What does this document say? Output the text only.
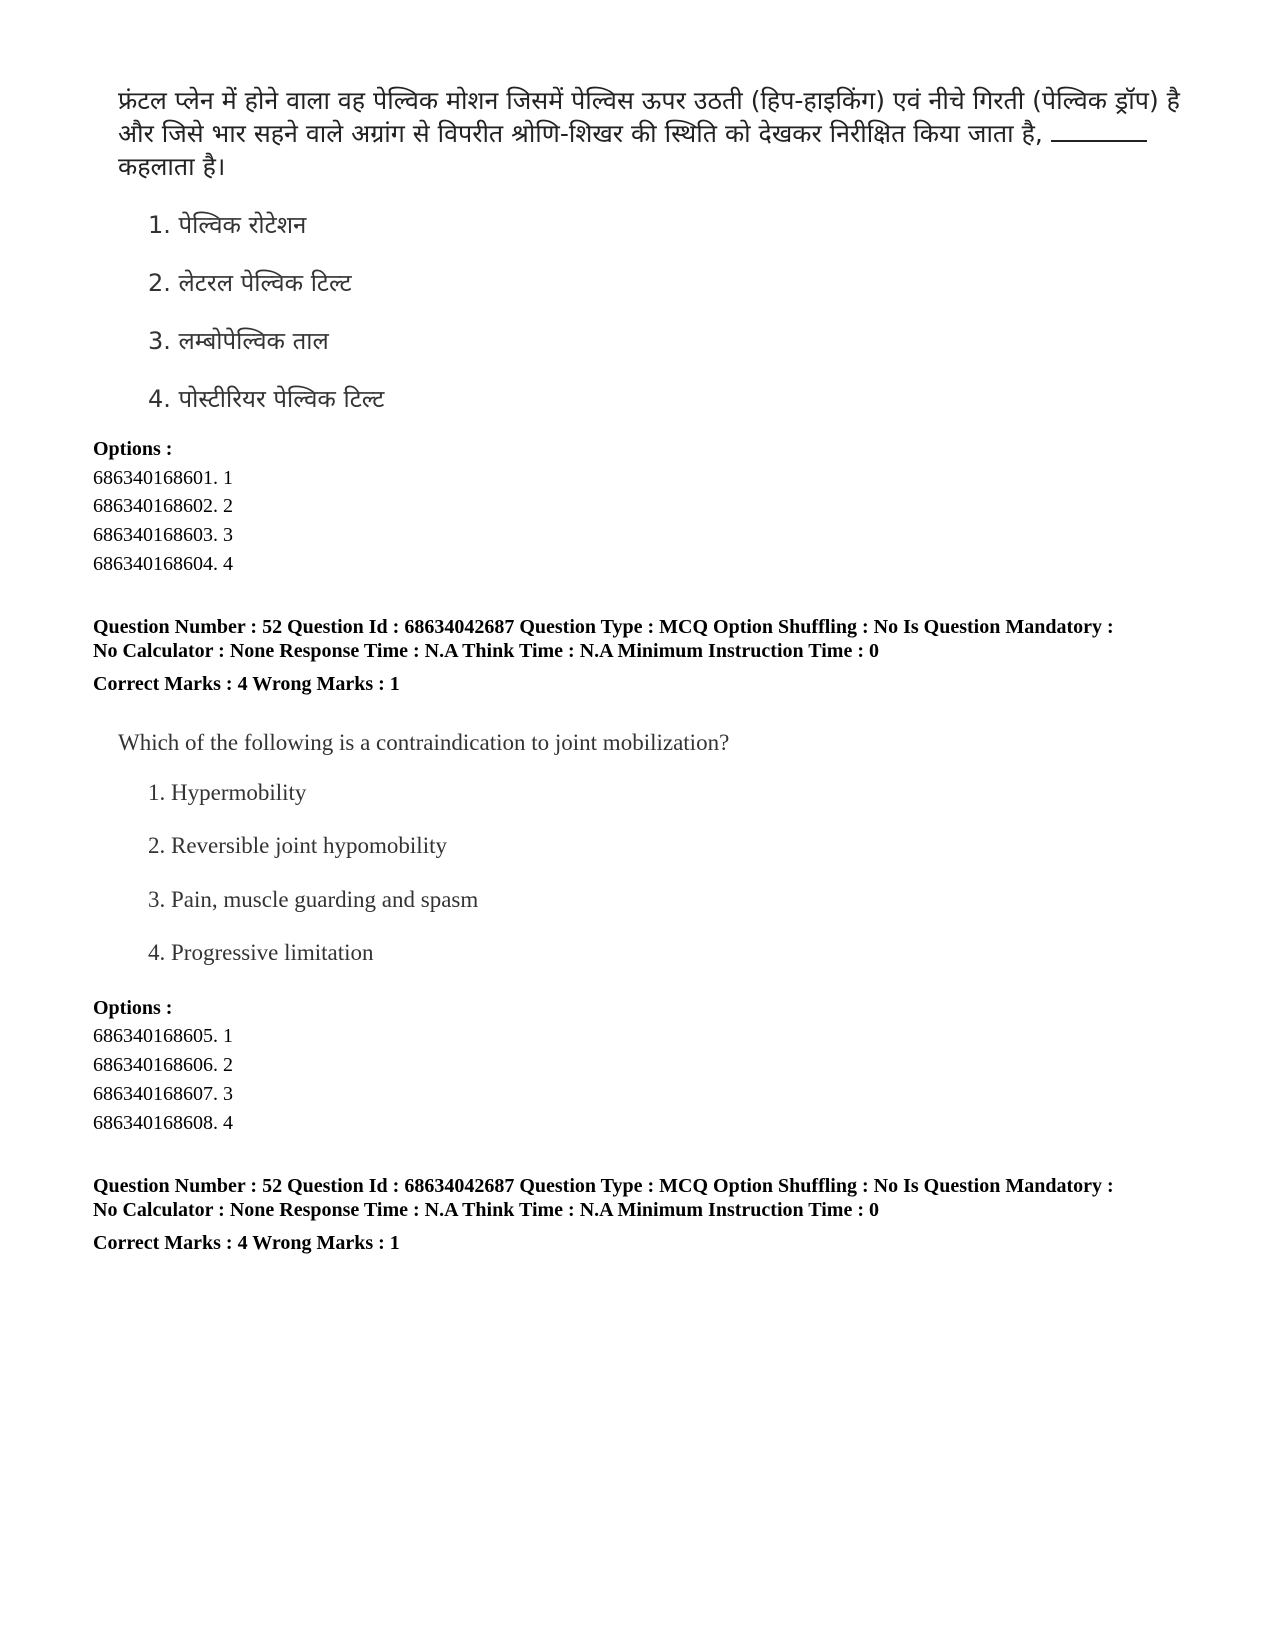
फ्रंटल प्लेन में होने वाला वह पेल्विक मोशन जिसमें पेल्विस ऊपर उठती (हिप-हाइकिंग) एवं नीचे गिरती (पेल्विक ड्रॉप) है
और जिसे भार सहने वाले अग्रांग से विपरीत श्रोणि-शिखर की स्थिति को देखकर निरीक्षित किया जाता है,
कहलाता है।
1. पेल्विक रोटेशन
2. लेटरल पेल्विक टिल्ट
3. लम्बोपेल्विक ताल
4. पोस्टीरियर पेल्विक टिल्ट
Options :
686340168601. 1
686340168602. 2
686340168603. 3
686340168604. 4
Question Number : 52 Question Id : 68634042687 Question Type : MCQ Option Shuffling : No Is Question Mandatory :
No Calculator : None Response Time : N.A Think Time : N.A Minimum Instruction Time : 0
Correct Marks : 4 Wrong Marks : 1
Which of the following is a contraindication to joint mobilization?
1. Hypermobility
2. Reversible joint hypomobility
3. Pain, muscle guarding and spasm
4. Progressive limitation
Options :
686340168605. 1
686340168606. 2
686340168607. 3
686340168608. 4
Question Number : 52 Question Id : 68634042687 Question Type : MCQ Option Shuffling : No Is Question Mandatory :
No Calculator : None Response Time : N.A Think Time : N.A Minimum Instruction Time : 0
Correct Marks : 4 Wrong Marks : 1
